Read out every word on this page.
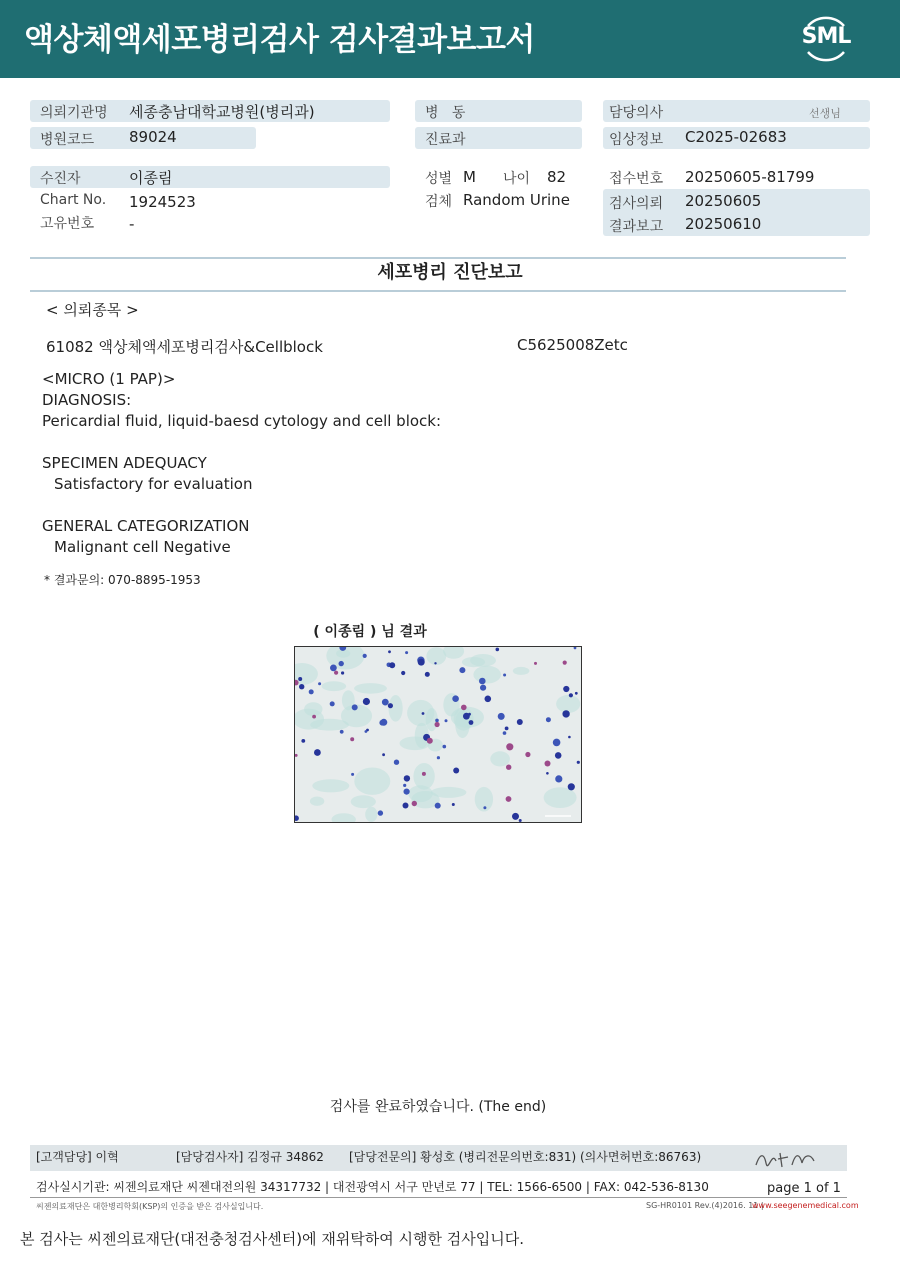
액상체액세포병리검사 검사결과보고서	SML
의뢰기관명 세종충남대학교병원(병리과)
병원코드 89024
수진자	이종림
Chart No. 1924523
고유번호 -
병   동
진료과
성별 M 나이 82
검체 Random Urine
담당의사	선생님
임상정보 C2025-02683
접수번호 20250605-81799
검사의뢰 20250605
결과보고 20250610
세포병리 진단보고
< 의뢰종목 >
61082 액상체액세포병리검사&Cellblock	C5625008Zetc
<MICRO (1 PAP)>
DIAGNOSIS:
Pericardial fluid, liquid-baesd cytology and cell block:
SPECIMEN ADEQUACY
Satisfactory for evaluation
GENERAL CATEGORIZATION
Malignant cell Negative
* 결과문의: 070-8895-1953
( 이종림 ) 님 결과
검사를 완료하였습니다. (The end)
[고객담당] 이혁	[담당검사자] 김정규 34862 [담당전문의] 황성호 (병리전문의번호:831) (의사면허번호:86763)
검사실시기관: 씨젠의료재단 씨젠대전의원 34317732 | 대전광역시 서구 만년로 77 | TEL: 1566-6500 | FAX: 042-536-8130	page 1 of 1
씨젠의료재단은 대한병리학회(KSP)의 인증을 받은 검사실입니다.	SG-HR0101 Rev.(4)2016. 11 |
www.seegenemedical.com
본 검사는 씨젠의료재단(대전충청검사센터)에 재위탁하여 시행한 검사입니다.
